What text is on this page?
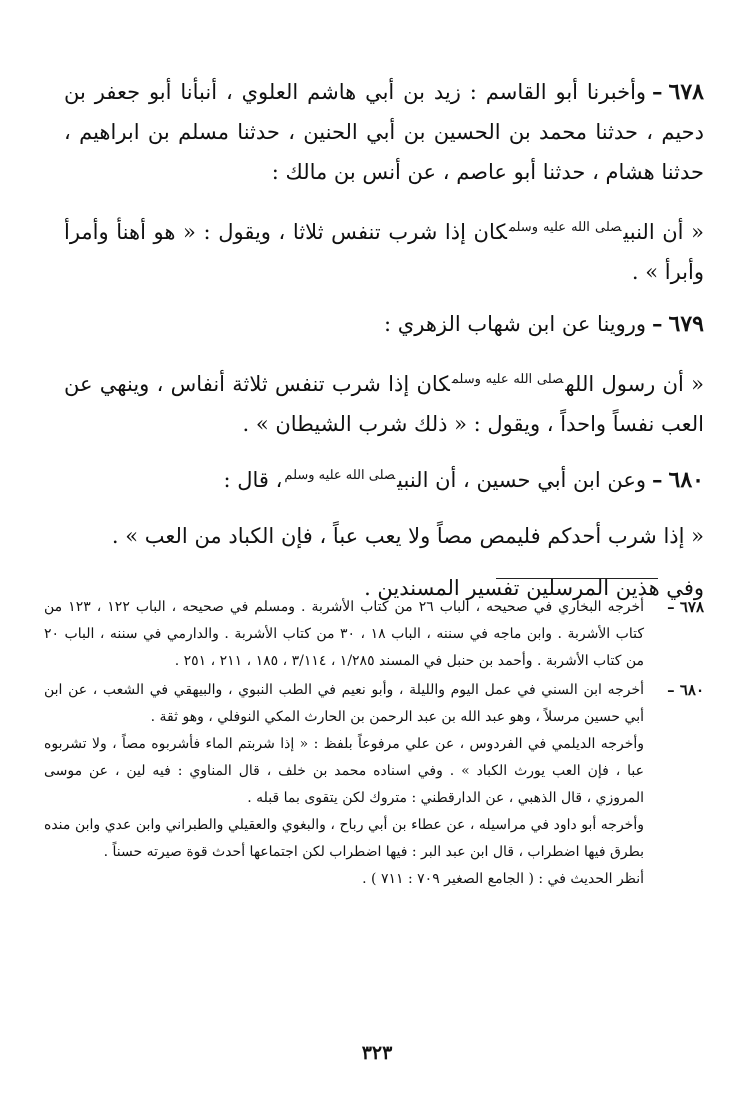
٦٧٨–وأخبرنا أبو القاسم : زيد بن أبي هاشم العلوي ، أنبأنا أبو جعفر بن دحيم ، حدثنا محمد بن الحسين بن أبي الحنين ، حدثنا مسلم بن ابراهيم ، حدثنا هشام ، حدثنا أبو عاصم ، عن أنس بن مالك :

« أن النبي$^{صلى الله عليه وسلم}$كان إذا شرب تنفس ثلاثا ، ويقول : « هو أهنأ وأمرأ وأبرأ » .

٦٧٩–وروينا عن ابن شهاب الزهري :

« أن رسول الله$^{صلى الله عليه وسلم}$كان إذا شرب تنفس ثلاثة أنفاس ، وينهي عن العب نفساً واحداً ، ويقول : « ذلك شرب الشيطان » .

٦٨٠–وعن ابن أبي حسين ، أن النبي$^{صلى الله عليه وسلم}$، قال :

« إذا شرب أحدكم فليمص مصاً ولا يعب عباً ، فإن الكباد من العب » .

وفي هذين المرسلين تفسير المسندين .

٦٧٨ –

أخرجه البخاري في صحيحه ، الباب ٢٦ من كتاب الأشربة . ومسلم في صحيحه ، الباب ١٢٢ ، ١٢٣ من كتاب الأشربة . وابن ماجه في سننه ، الباب ١٨ ، ٣٠ من كتاب الأشربة . والدارمي في سننه ، الباب ٢٠ من كتاب الأشربة . وأحمد بن حنبل في المسند ١/٢٨٥ ، ٣/١١٤ ، ١٨٥ ، ٢١١ ، ٢٥١ .

٦٨٠ –

أخرجه ابن السني في عمل اليوم والليلة ، وأبو نعيم في الطب النبوي ، والبيهقي في الشعب ، عن ابن أبي حسين مرسلاً ، وهو عبد الله بن عبد الرحمن بن الحارث المكي النوفلي ، وهو ثقة .

وأخرجه الديلمي في الفردوس ، عن علي مرفوعاً بلفظ : « إذا شربتم الماء فأشربوه مصاً ، ولا تشربوه عبا ، فإن العب يورث الكباد » . وفي اسناده محمد بن خلف ، قال المناوي : فيه لين ، عن موسى المروزي ، قال الذهبي ، عن الدارقطني : متروك لكن يتقوى بما قبله .

وأخرجه أبو داود في مراسيله ، عن عطاء بن أبي رباح ، والبغوي والعقيلي والطبراني وابن عدي وابن منده بطرق فيها اضطراب ، قال ابن عبد البر : فيها اضطراب لكن اجتماعها أحدث قوة صيرته حسناً .

أنظر الحديث في : ( الجامع الصغير ٧٠٩ : ٧١١ ) .

٣٢٣
